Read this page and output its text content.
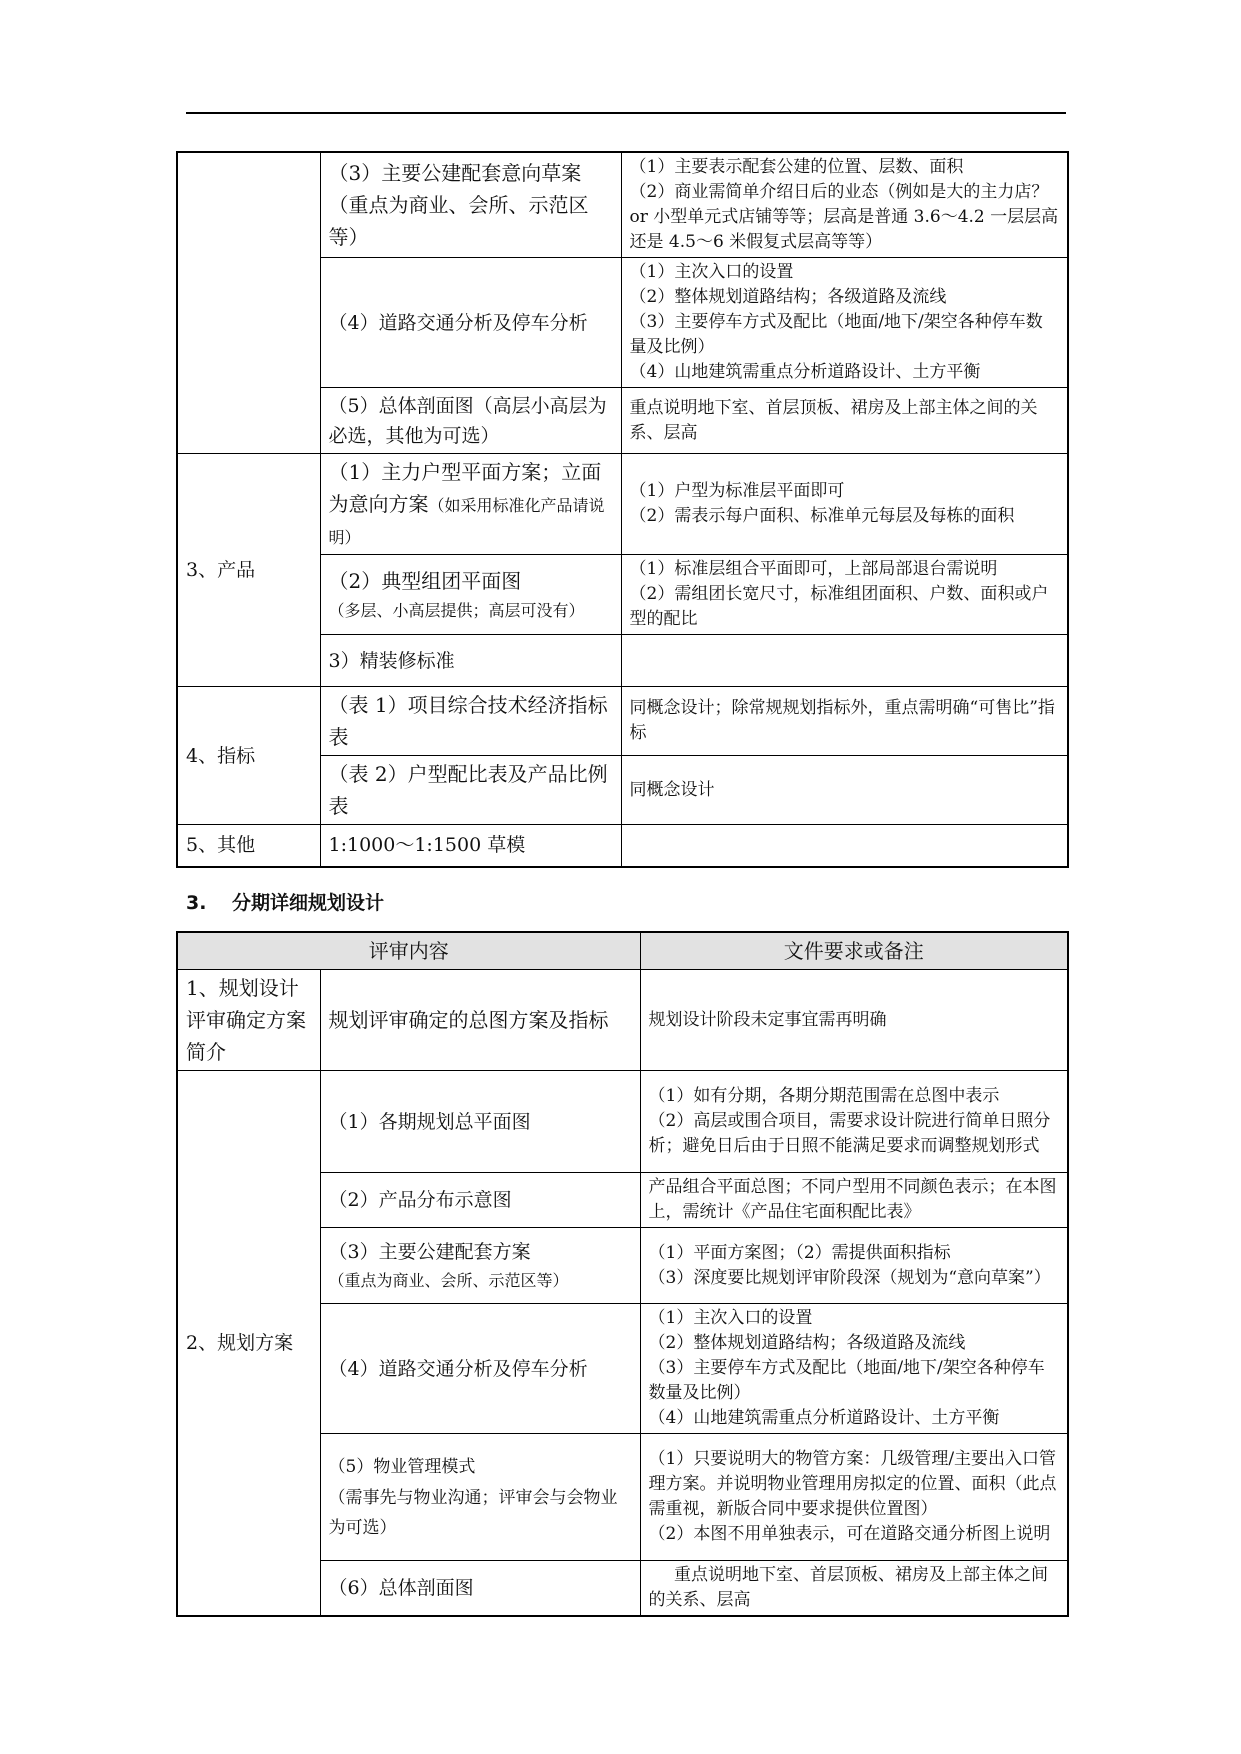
	（3）主要公建配套意向草案
（重点为商业、会所、示范区等）	（1）主要表示配套公建的位置、层数、面积
（2）商业需简单介绍日后的业态（例如是大的主力店？or 小型单元式店铺等等；层高是普通 3.6～4.2 一层层高还是 4.5～6 米假复式层高等等）

	（4）道路交通分析及停车分析	（1）主次入口的设置
（2）整体规划道路结构；各级道路及流线
（3）主要停车方式及配比（地面/地下/架空各种停车数量及比例）
（4）山地建筑需重点分析道路设计、土方平衡

	（5）总体剖面图（高层小高层为必选，其他为可选）	重点说明地下室、首层顶板、裙房及上部主体之间的关系、层高
3、产品	（1）主力户型平面方案；立面为意向方案（如采用标准化产品请说明）	（1）户型为标准层平面即可
（2）需表示每户面积、标准单元每层及每栋的面积

	（2）典型组团平面图
（多层、小高层提供；高层可没有）	（1）标准层组合平面即可，上部局部退台需说明
（2）需组团长宽尺寸，标准组团面积、户数、面积或户型的配比

	3）精装修标准	
4、指标	（表 1）项目综合技术经济指标表	同概念设计；除常规规划指标外，重点需明确“可售比”指标
	（表 2）户型配比表及产品比例表	同概念设计
5、其他	1:1000～1:1500 草模	
3. 分期详细规划设计
评审内容		文件要求或备注
1、规划设计评审确定方案简介	规划评审确定的总图方案及指标	规划设计阶段未定事宜需再明确
2、规划方案	（1）各期规划总平面图	（1）如有分期，各期分期范围需在总图中表示
（2）高层或围合项目，需要求设计院进行简单日照分析；避免日后由于日照不能满足要求而调整规划形式

	（2）产品分布示意图	产品组合平面总图；不同户型用不同颜色表示；在本图上，需统计《产品住宅面积配比表》

	（3）主要公建配套方案
（重点为商业、会所、示范区等）	（1）平面方案图；（2）需提供面积指标
（3）深度要比规划评审阶段深（规划为“意向草案”）

	（4）道路交通分析及停车分析	（1）主次入口的设置
（2）整体规划道路结构；各级道路及流线
（3）主要停车方式及配比（地面/地下/架空各种停车数量及比例）
（4）山地建筑需重点分析道路设计、土方平衡

	（5）物业管理模式
（需事先与物业沟通；评审会与会物业为可选）	（1）只要说明大的物管方案：几级管理/主要出入口管理方案。并说明物业管理用房拟定的位置、面积（此点需重视，新版合同中要求提供位置图）
（2）本图不用单独表示，可在道路交通分析图上说明

	（6）总体剖面图	重点说明地下室、首层顶板、裙房及上部主体之间的关系、层高
